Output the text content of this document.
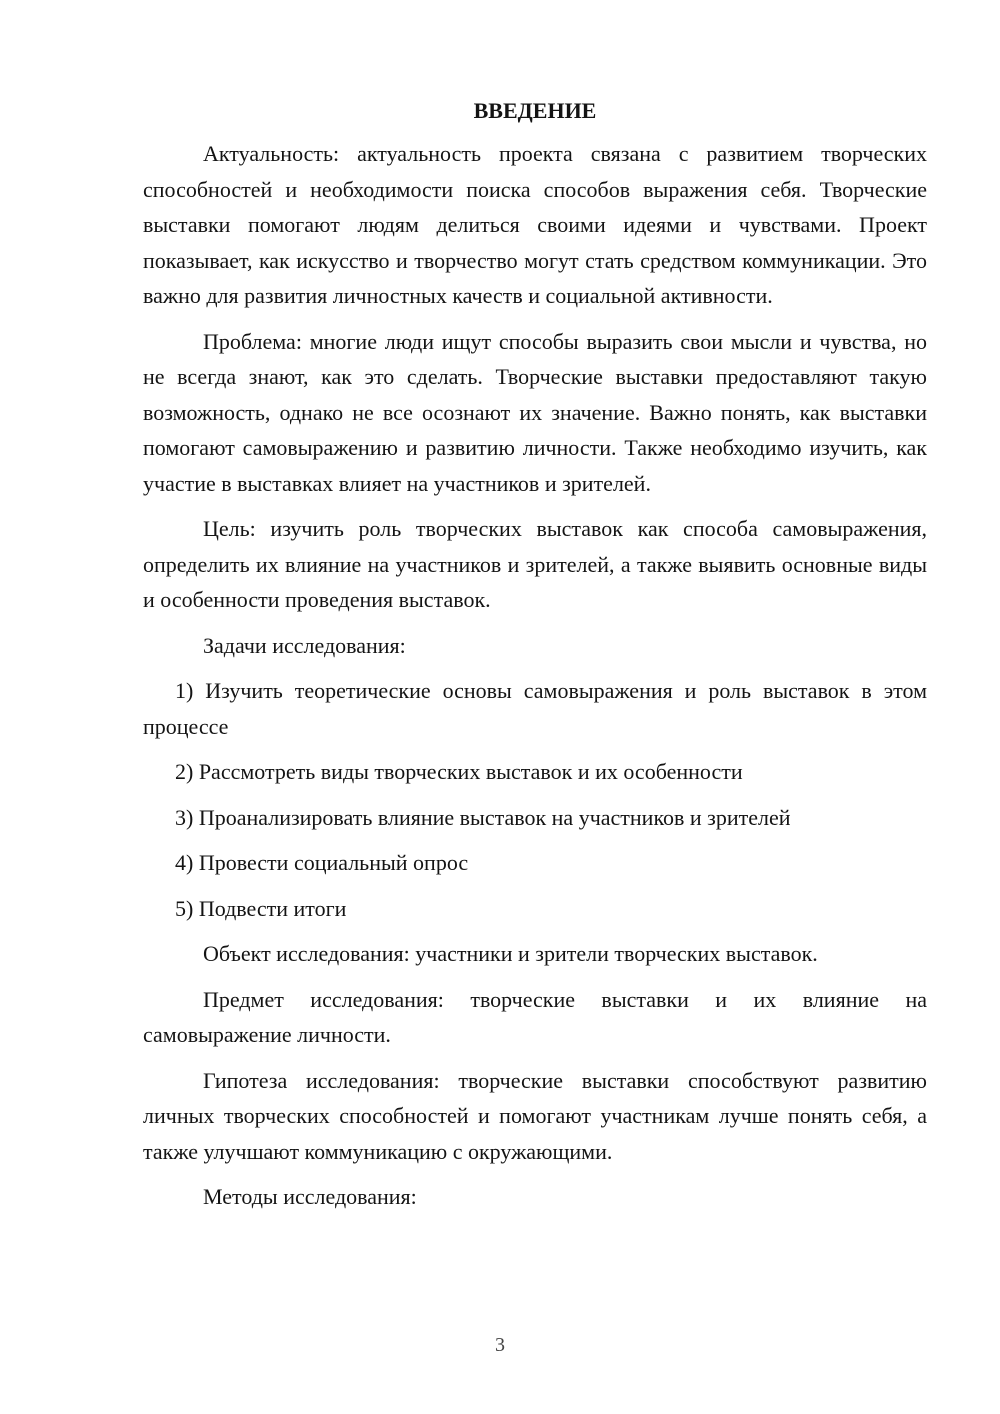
ВВЕДЕНИЕ

Актуальность: актуальность проекта связана с развитием творческих способностей и необходимости поиска способов выражения себя. Творческие выставки помогают людям делиться своими идеями и чувствами. Проект показывает, как искусство и творчество могут стать средством коммуникации. Это важно для развития личностных качеств и социальной активности.

Проблема: многие люди ищут способы выразить свои мысли и чувства, но не всегда знают, как это сделать. Творческие выставки предоставляют такую возможность, однако не все осознают их значение. Важно понять, как выставки помогают самовыражению и развитию личности. Также необходимо изучить, как участие в выставках влияет на участников и зрителей.

Цель: изучить роль творческих выставок как способа самовыражения, определить их влияние на участников и зрителей, а также выявить основные виды и особенности проведения выставок.

Задачи исследования:

1) Изучить теоретические основы самовыражения и роль выставок в этом процессе

2) Рассмотреть виды творческих выставок и их особенности

3) Проанализировать влияние выставок на участников и зрителей

4) Провести социальный опрос

5) Подвести итоги

Объект исследования: участники и зрители творческих выставок.

Предмет исследования: творческие выставки и их влияние на самовыражение личности.

Гипотеза исследования: творческие выставки способствуют развитию личных творческих способностей и помогают участникам лучше понять себя, а также улучшают коммуникацию с окружающими.

Методы исследования:

3
